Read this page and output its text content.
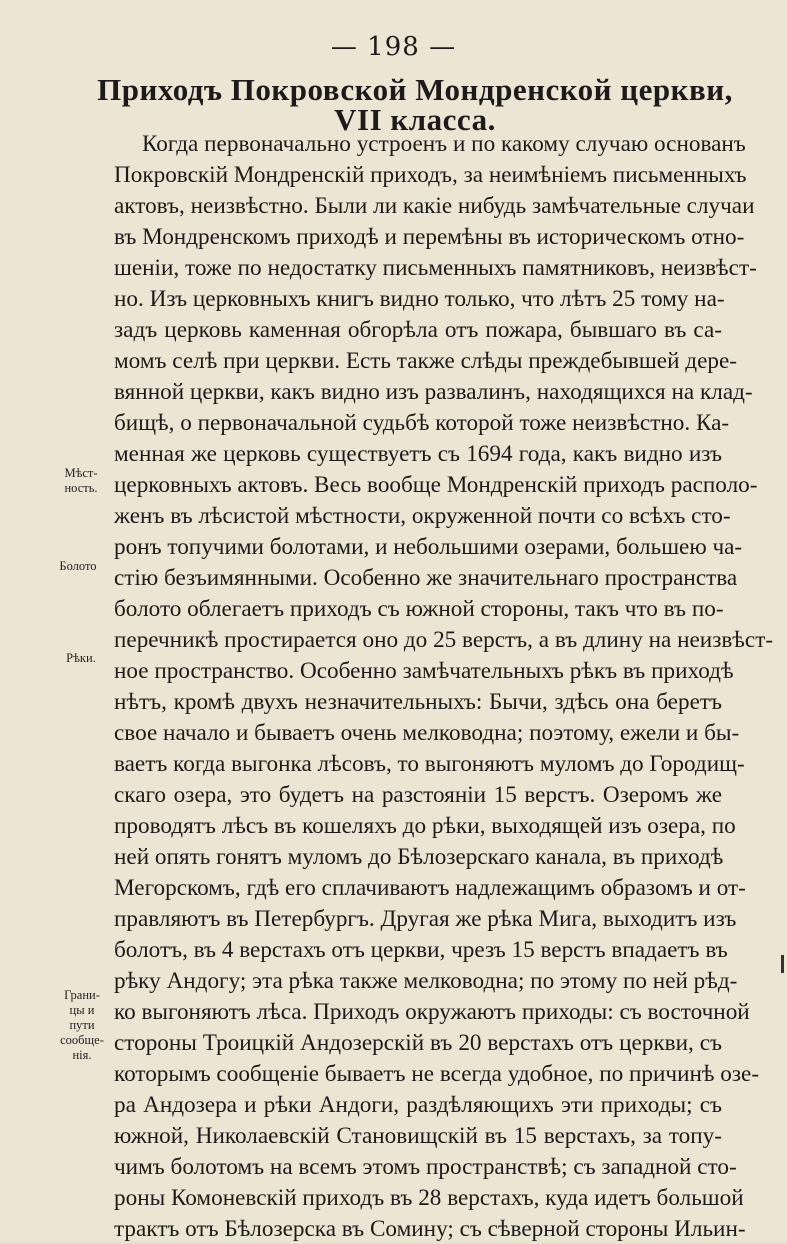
— 198 —
Приходъ Покровской Мондренской церкви,
VII класса.
Когда первоначально устроенъ и по какому случаю основанъ
Покровскій Мондренскій приходъ, за неимѣніемъ письменныхъ
актовъ, неизвѣстно. Были ли какіе нибудь замѣчательные случаи
въ Мондренскомъ приходѣ и перемѣны въ историческомъ отно-
шеніи, тоже по недостатку письменныхъ памятниковъ, неизвѣст-
но. Изъ церковныхъ книгъ видно только, что лѣтъ 25 тому на-
задъ церковь каменная обгорѣла отъ пожара, бывшаго въ са-
момъ селѣ при церкви. Есть также слѣды преждебывшей дере-
вянной церкви, какъ видно изъ развалинъ, находящихся на клад-
бищѣ, о первоначальной судьбѣ которой тоже неизвѣстно. Ка-
менная же церковь существуетъ съ 1694 года, какъ видно изъ
церковныхъ актовъ. Весь вообще Мондренскій приходъ располо-
женъ въ лѣсистой мѣстности, окруженной почти со всѣхъ сто-
ронъ топучими болотами, и небольшими озерами, большею ча-
стію безъимянными. Особенно же значительнаго пространства
болото облегаетъ приходъ съ южной стороны, такъ что въ по-
перечникѣ простирается оно до 25 верстъ, а въ длину на неизвѣст-
ное пространство. Особенно замѣчательныхъ рѣкъ въ приходѣ
нѣтъ, кромѣ двухъ незначительныхъ: Бычи, здѣсь она беретъ
свое начало и бываетъ очень мелководна; поэтому, ежели и бы-
ваетъ когда выгонка лѣсовъ, то выгоняютъ муломъ до Городищ-
скаго озера, это будетъ на разстояніи 15 верстъ. Озеромъ же
проводятъ лѣсъ въ кошеляхъ до рѣки, выходящей изъ озера, по
ней опять гонятъ муломъ до Бѣлозерскаго канала, въ приходѣ
Мегорскомъ, гдѣ его сплачиваютъ надлежащимъ образомъ и от-
правляютъ въ Петербургъ. Другая же рѣка Мига, выходитъ изъ
болотъ, въ 4 верстахъ отъ церкви, чрезъ 15 верстъ впадаетъ въ
рѣку Андогу; эта рѣка также мелководна; по этому по ней рѣд-
ко выгоняютъ лѣса. Приходъ окружаютъ приходы: съ восточной
стороны Троицкій Андозерскій въ 20 верстахъ отъ церкви, съ
которымъ сообщеніе бываетъ не всегда удобное, по причинѣ озе-
ра Андозера и рѣки Андоги, раздѣляющихъ эти приходы; съ
южной, Николаевскій Становищскій въ 15 верстахъ, за топу-
чимъ болотомъ на всемъ этомъ пространствѣ; съ западной сто-
роны Комоневскій приходъ въ 28 верстахъ, куда идетъ большой
трактъ отъ Бѣлозерска въ Сомину; съ сѣверной стороны Ильин-
Мѣст-
ность.
Болото
Рѣки.
Грани-
цы и
пути
сообще-
нія.
